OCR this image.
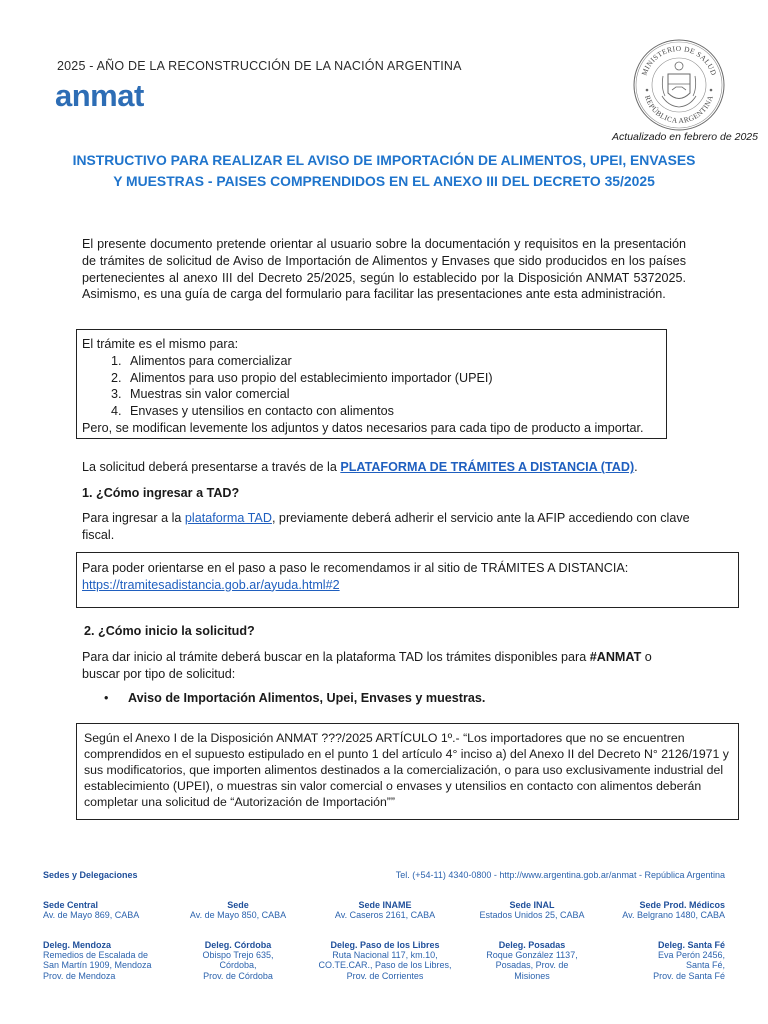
2025 - AÑO DE LA RECONSTRUCCIÓN DE LA NACIÓN ARGENTINA
anmat
MINISTERIO DE SALUD
REPÚBLICA ARGENTINA
Actualizado en febrero de 2025
INSTRUCTIVO PARA REALIZAR EL AVISO DE IMPORTACIÓN DE ALIMENTOS, UPEI, ENVASES Y MUESTRAS - PAISES COMPRENDIDOS EN EL ANEXO III DEL DECRETO 35/2025
El presente documento pretende orientar al usuario sobre la documentación y requisitos en la presentación de trámites de solicitud de Aviso de Importación de Alimentos y Envases que sido producidos en los países pertenecientes al anexo III del Decreto 25/2025, según lo establecido por la Disposición ANMAT 5372025. Asimismo, es una guía de carga del formulario para facilitar las presentaciones ante esta administración.
El trámite es el mismo para:
1. Alimentos para comercializar
2. Alimentos para uso propio del establecimiento importador (UPEI)
3. Muestras sin valor comercial
4. Envases y utensilios en contacto con alimentos
Pero, se modifican levemente los adjuntos y datos necesarios para cada tipo de producto a importar.
La solicitud deberá presentarse a través de la PLATAFORMA DE TRÁMITES A DISTANCIA (TAD).
1. ¿Cómo ingresar a TAD?
Para ingresar a la plataforma TAD, previamente deberá adherir el servicio ante la AFIP accediendo con clave fiscal.
Para poder orientarse en el paso a paso le recomendamos ir al sitio de TRÁMITES A DISTANCIA:
https://tramitesadistancia.gob.ar/ayuda.html#2
2. ¿Cómo inicio la solicitud?
Para dar inicio al trámite deberá buscar en la plataforma TAD los trámites disponibles para #ANMAT o buscar por tipo de solicitud:
• Aviso de Importación Alimentos, Upei, Envases y muestras.
Según el Anexo I de la Disposición ANMAT ???/2025 ARTÍCULO 1º.- “Los importadores que no se encuentren comprendidos en el supuesto estipulado en el punto 1 del artículo 4° inciso a) del Anexo II del Decreto N° 2126/1971 y sus modificatorios, que importen alimentos destinados a la comercialización, o para uso exclusivamente industrial del establecimiento (UPEI), o muestras sin valor comercial o envases y utensilios en contacto con alimentos deberán completar una solicitud de “Autorización de Importación””
Sedes y Delegaciones	Tel. (+54-11) 4340-0800 - http://www.argentina.gob.ar/anmat - República Argentina
Sede Central
Av. de Mayo 869, CABA
Sede
Av. de Mayo 850, CABA
Sede INAME
Av. Caseros 2161, CABA
Sede INAL
Estados Unidos 25, CABA
Sede Prod. Médicos
Av. Belgrano 1480, CABA
Deleg. Mendoza
Remedios de Escalada de
San Martín 1909, Mendoza
Prov. de Mendoza
Deleg. Córdoba
Obispo Trejo 635,
Córdoba,
Prov. de Córdoba
Deleg. Paso de los Libres
Ruta Nacional 117, km.10,
CO.TE.CAR., Paso de los Libres,
Prov. de Corrientes
Deleg. Posadas
Roque González 1137,
Posadas, Prov. de
Misiones
Deleg. Santa Fé
Eva Perón 2456,
Santa Fé,
Prov. de Santa Fé
